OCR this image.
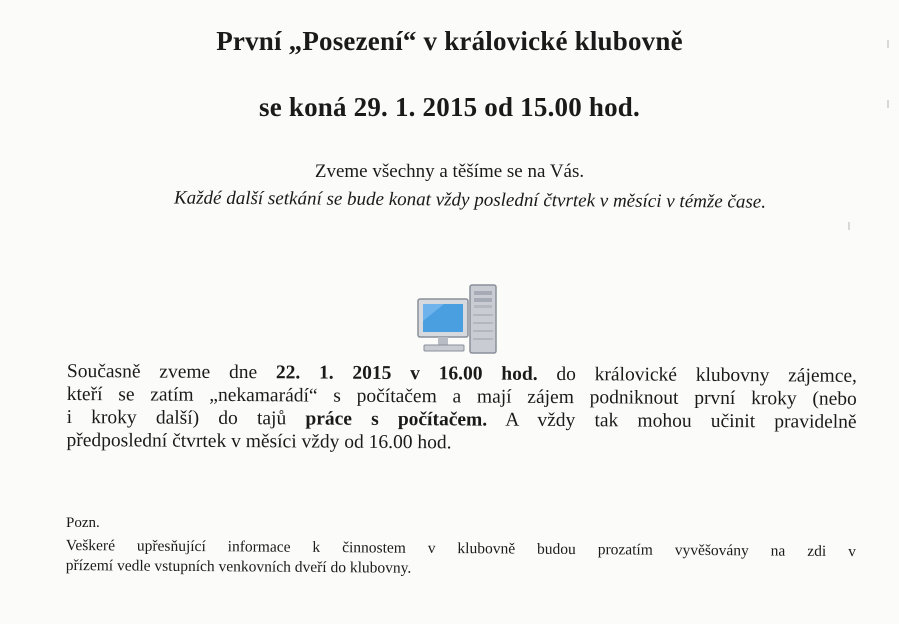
První „Posezení“ v královické klubovně
se koná 29. 1. 2015 od 15.00 hod.
Zveme všechny a těšíme se na Vás.
Každé další setkání se bude konat vždy poslední čtvrtek v měsíci v témže čase.
Současně zveme dne 22. 1. 2015 v 16.00 hod. do královické klubovny zájemce,
kteří se zatím „nekamarádí“ s počítačem a mají zájem podniknout první kroky (nebo
i kroky další) do tajů práce s počítačem. A vždy tak mohou učinit pravidelně
předposlední čtvrtek v měsíci vždy od 16.00 hod.
Pozn.
Veškeré upřesňující informace k činnostem v klubovně budou prozatím vyvěšovány na zdi v
přízemí vedle vstupních venkovních dveří do klubovny.
